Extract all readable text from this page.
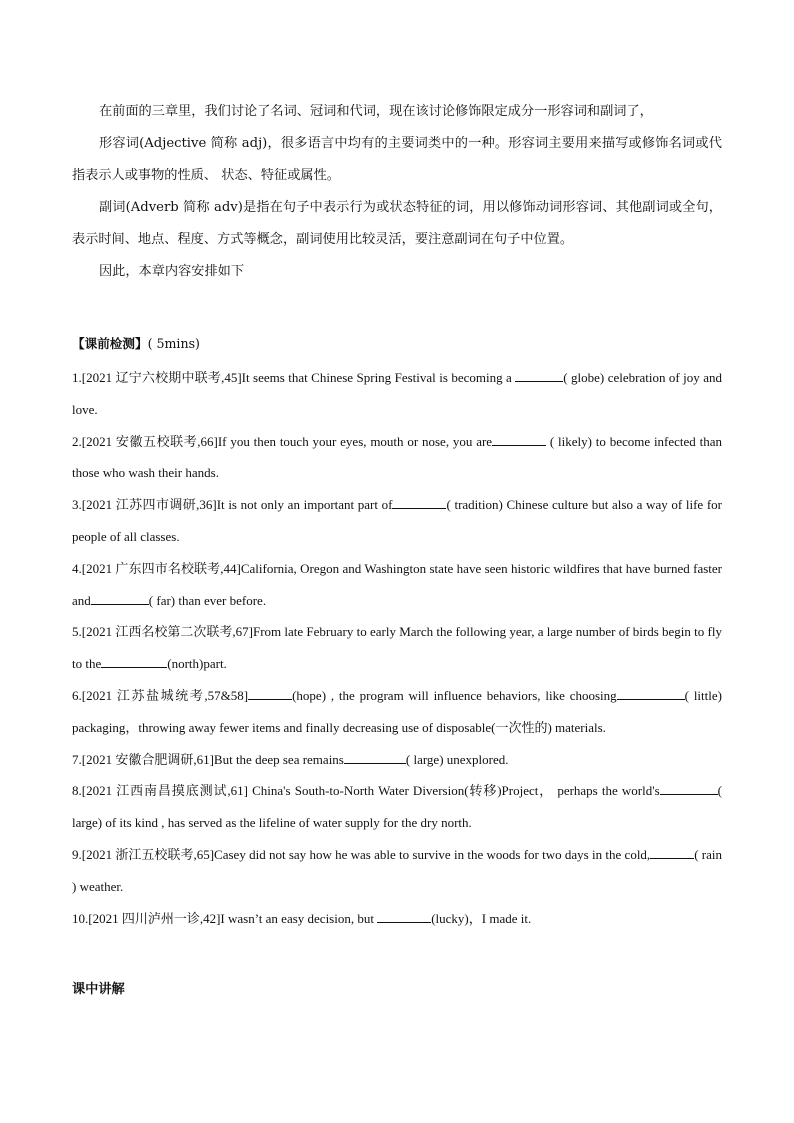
在前面的三章里，我们讨论了名词、冠词和代词，现在该讨论修饰限定成分一形容词和副词了，

形容词(Adjective 简称 adj)，很多语言中均有的主要词类中的一种。形容词主要用来描写或修饰名词或代指表示人或事物的性质、 状态、特征或属性。

副词(Adverb 简称 adv)是指在句子中表示行为或状态特征的词，用以修饰动词形容词、其他副词或全句，表示时间、地点、程度、方式等概念，副词使用比较灵活，要注意副词在句子中位置。

因此，本章内容安排如下

【课前检测】( 5mins)

1.[2021 辽宁六校期中联考,45]It seems that Chinese Spring Festival is becoming a	( globe) celebration of joy and love.

2.[2021 安徽五校联考,66]If you then touch your eyes, mouth or nose, you are	( likely) to become infected than those who wash their hands.

3.[2021 江苏四市调研,36]It is not only an important part of	( tradition) Chinese culture but also a way of life for people of all classes.

4.[2021 广东四市名校联考,44]California, Oregon and Washington state have seen historic wildfires that have burned faster and	( far) than ever before.

5.[2021 江西名校第二次联考,67]From late February to early March the following year, a large number of birds begin to fly to the	(north)part.

6.[2021 江苏盐城统考,57&58]	(hope) , the program will influence behaviors, like choosing	( little) packaging，throwing away fewer items and finally decreasing use of disposable(一次性的) materials.

7.[2021 安徽合肥调研,61]But the deep sea remains	( large) unexplored.

8.[2021 江西南昌摸底测试,61] China's South-to-North Water Diversion(转移)Project， perhaps the world's	( large) of its kind , has served as the lifeline of water supply for the dry north.

9.[2021 浙江五校联考,65]Casey did not say how he was able to survive in the woods for two days in the cold,	( rain ) weather.

10.[2021 四川泸州一诊,42]I wasn’t an easy decision, but	(lucky)，I made it.

课中讲解
